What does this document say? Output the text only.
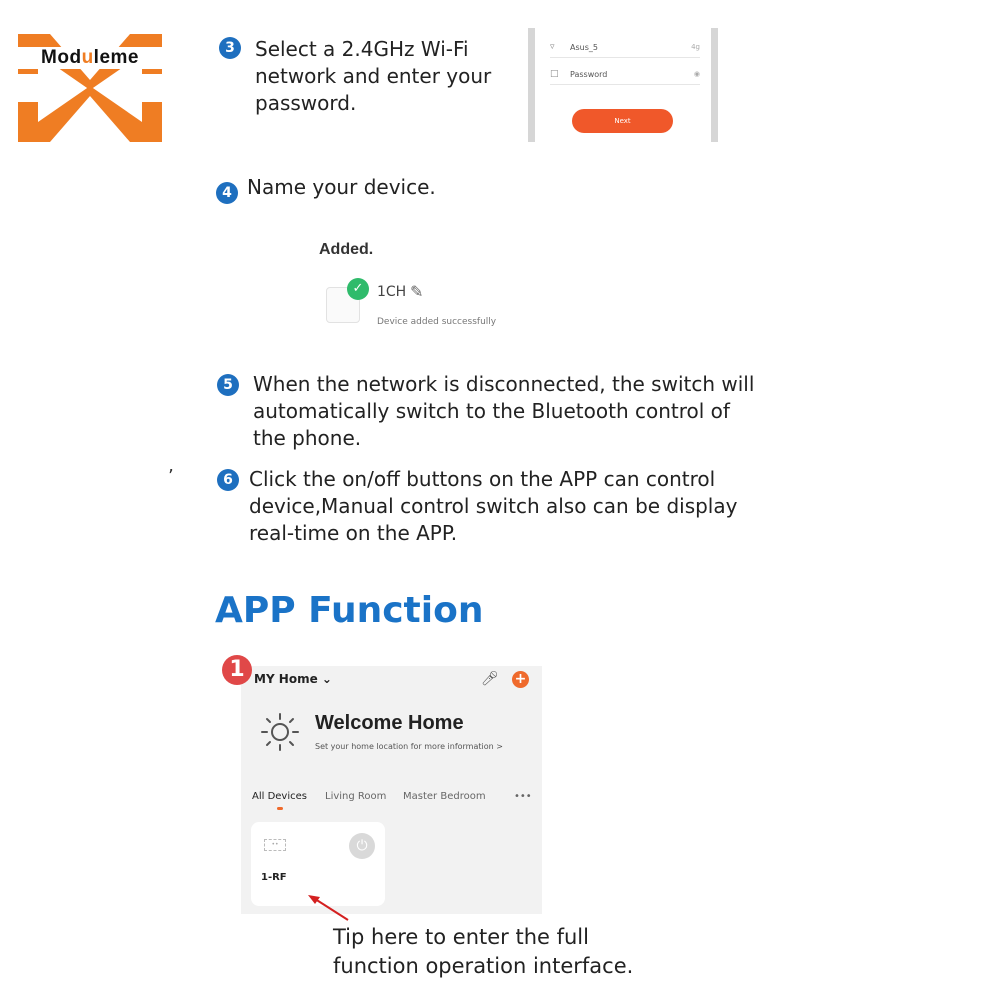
Moduleme	3	Select a 2.4GHz Wi-Fi
network and enter your
password.
▿ Asus_5	4g
□ Password	◉
Next
4 Name your device.
Added.
✓ 1CH ✎
Device added successfully
5	When the network is disconnected, the switch will
automatically switch to the Bluetooth control of
the phone.
’	6 Click the on/off buttons on the APP can control
device,Manual control switch also can be display
real-time on the APP.
APP Function
1 MY Home ⌄	🎤︎ +
Welcome Home
Set your home location for more information >
All Devices Living Room Master Bedroom	•••
••	⏻︎
1-RF
Tip here to enter the full
function operation interface.
